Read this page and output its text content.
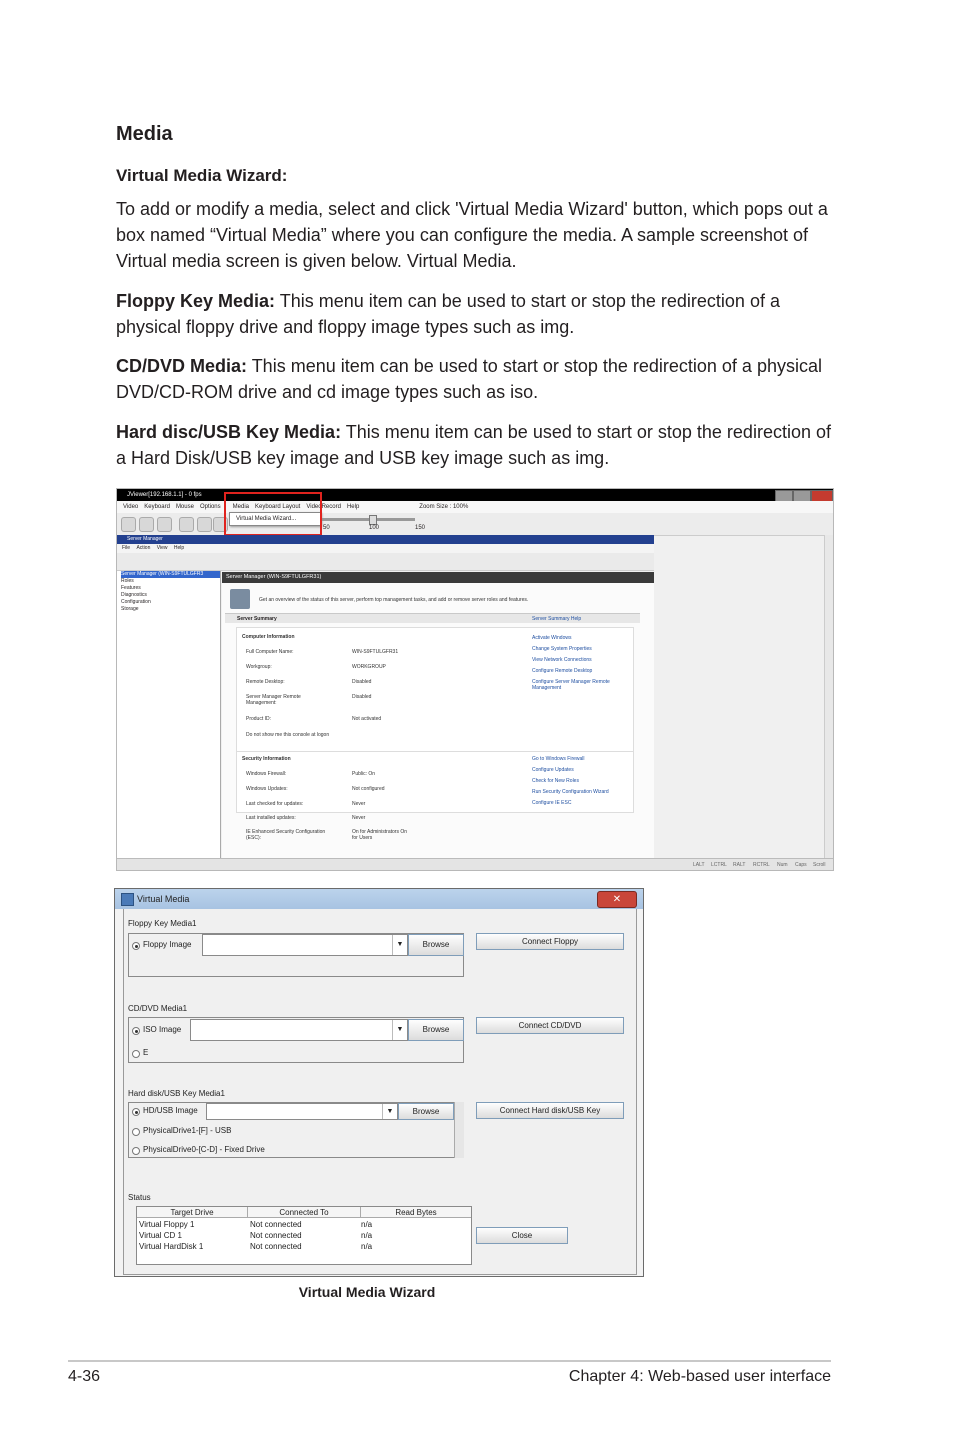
Media
Virtual Media Wizard:

To add or modify a media, select and click 'Virtual Media Wizard' button, which pops out a box named “Virtual Media” where you can configure the media. A sample screenshot of Virtual media screen is given below. Virtual Media.

Floppy Key Media: This menu item can be used to start or stop the redirection of a physical floppy drive and floppy image types such as img.

CD/DVD Media: This menu item can be used to start or stop the redirection of a physical DVD/CD-ROM drive and cd image types such as iso.

Hard disc/USB Key Media: This menu item can be used to start or stop the redirection of a Hard Disk/USB key image and USB key image such as img.

JViewer[192.168.1.1] - 0 fps
Video Keyboard Mouse Options Media Keyboard Layout VideoRecord Help	Zoom Size : 100%
50	100	150
Virtual Media Wizard...
Server Manager
File Action View Help
Server Manager (WIN-S9FTULGFR3
Roles
Features
Diagnostics
Configuration
Storage
Server Manager (WIN-S9FTULGFR31)
Get an overview of the status of this server, perform top management tasks, and add or remove server roles and features.
Server Summary	Server Summary Help
Computer Information
Full Computer Name:	WIN-S9FTULGFR31
Workgroup:	WORKGROUP
Remote Desktop:	Disabled
Server Manager Remote Management:
Disabled
Product ID:	Not activated
Do not show me this console at logon
Activate Windows
Change System Properties
View Network Connections
Configure Remote Desktop
Configure Server Manager Remote Management
Security Information
Windows Firewall:	Public: On
Windows Updates:	Not configured
Last checked for updates:	Never
Last installed updates:	Never
IE Enhanced Security Configuration (ESC):
On for Administrators On for Users
Go to Windows Firewall
Configure Updates
Check for New Roles
Run Security Configuration Wizard
Configure IE ESC
LALT LCTRL RALT RCTRL Num Caps Scroll
Virtual Media	✕
Floppy Key Media1
Floppy Image	▼	Browse	Connect Floppy
CD/DVD Media1
ISO Image	▼	Browse
E
Connect CD/DVD
Hard disk/USB Key Media1
HD/USB Image	▼	Browse
PhysicalDrive1-[F] - USB
PhysicalDrive0-[C-D] - Fixed Drive
Connect Hard disk/USB Key
Status
Target Drive	Connected To	Read Bytes
Virtual Floppy 1	Not connected	n/a
Virtual CD 1	Not connected	n/a
Virtual HardDisk 1	Not connected	n/a
Close

Virtual Media Wizard

4-36	Chapter 4: Web-based user interface
